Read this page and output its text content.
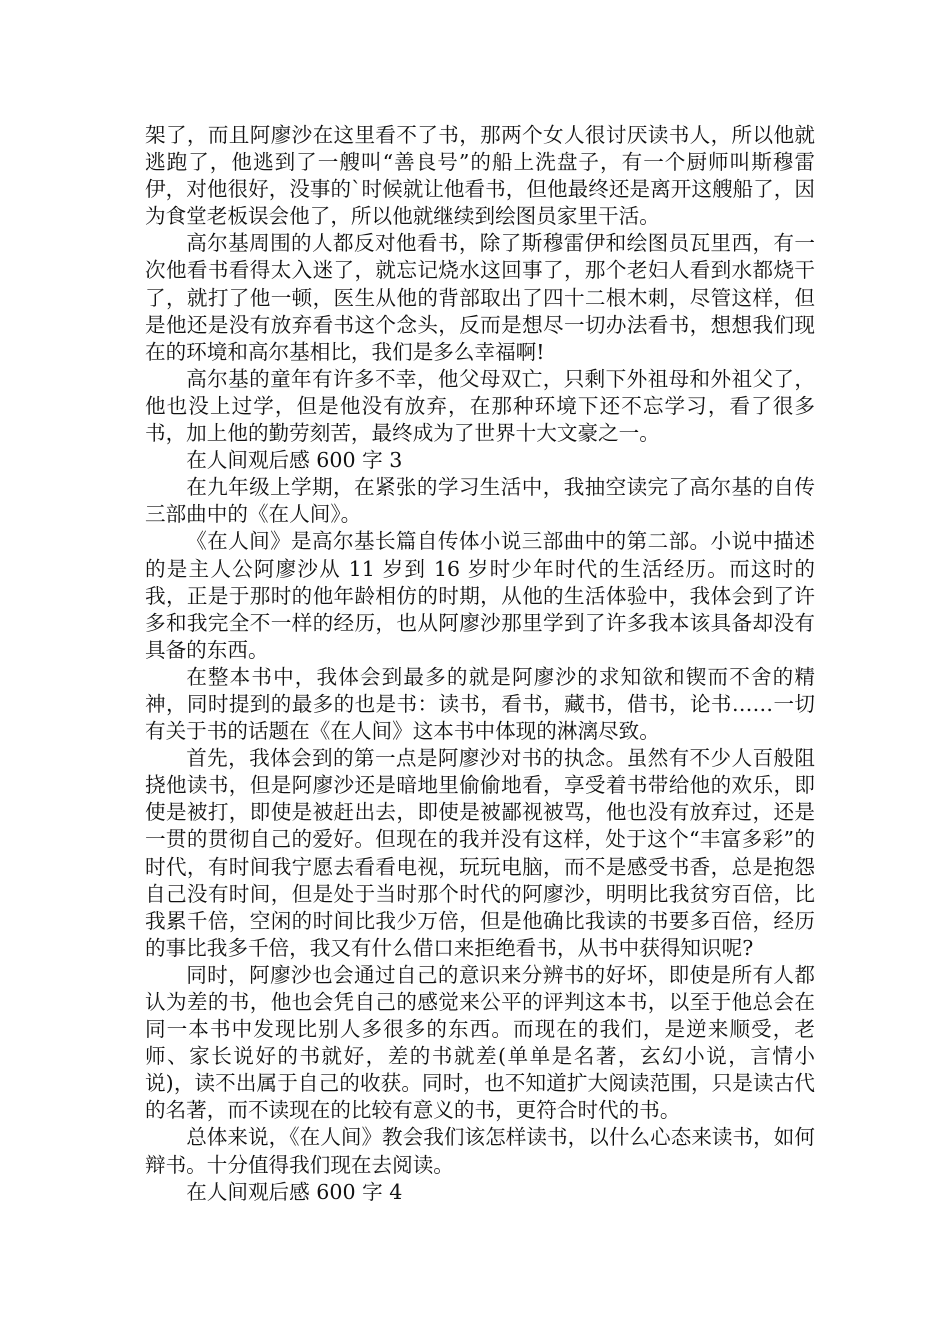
架了，而且阿廖沙在这里看不了书，那两个女人很讨厌读书人，所以他就逃跑了，他逃到了一艘叫“善良号”的船上洗盘子，有一个厨师叫斯穆雷伊，对他很好，没事的`时候就让他看书，但他最终还是离开这艘船了，因为食堂老板误会他了，所以他就继续到绘图员家里干活。

高尔基周围的人都反对他看书，除了斯穆雷伊和绘图员瓦里西，有一次他看书看得太入迷了，就忘记烧水这回事了，那个老妇人看到水都烧干了，就打了他一顿，医生从他的背部取出了四十二根木刺，尽管这样，但是他还是没有放弃看书这个念头，反而是想尽一切办法看书，想想我们现在的环境和高尔基相比，我们是多么幸福啊!

高尔基的童年有许多不幸，他父母双亡，只剩下外祖母和外祖父了，他也没上过学，但是他没有放弃，在那种环境下还不忘学习，看了很多书，加上他的勤劳刻苦，最终成为了世界十大文豪之一。

在人间观后感 600 字 3

在九年级上学期，在紧张的学习生活中，我抽空读完了高尔基的自传三部曲中的《在人间》。

《在人间》是高尔基长篇自传体小说三部曲中的第二部。小说中描述的是主人公阿廖沙从 11 岁到 16 岁时少年时代的生活经历。而这时的我，正是于那时的他年龄相仿的时期，从他的生活体验中，我体会到了许多和我完全不一样的经历，也从阿廖沙那里学到了许多我本该具备却没有具备的东西。

在整本书中，我体会到最多的就是阿廖沙的求知欲和锲而不舍的精神，同时提到的最多的也是书：读书，看书，藏书，借书，论书……一切有关于书的话题在《在人间》这本书中体现的淋漓尽致。

首先，我体会到的第一点是阿廖沙对书的执念。虽然有不少人百般阻挠他读书，但是阿廖沙还是暗地里偷偷地看，享受着书带给他的欢乐，即使是被打，即使是被赶出去，即使是被鄙视被骂，他也没有放弃过，还是一贯的贯彻自己的爱好。但现在的我并没有这样，处于这个“丰富多彩”的时代，有时间我宁愿去看看电视，玩玩电脑，而不是感受书香，总是抱怨自己没有时间，但是处于当时那个时代的阿廖沙，明明比我贫穷百倍，比我累千倍，空闲的时间比我少万倍，但是他确比我读的书要多百倍，经历的事比我多千倍，我又有什么借口来拒绝看书，从书中获得知识呢?

同时，阿廖沙也会通过自己的意识来分辨书的好坏，即使是所有人都认为差的书，他也会凭自己的感觉来公平的评判这本书，以至于他总会在同一本书中发现比别人多很多的东西。而现在的我们，是逆来顺受，老师、家长说好的书就好，差的书就差(单单是名著，玄幻小说，言情小说)，读不出属于自己的收获。同时，也不知道扩大阅读范围，只是读古代的名著，而不读现在的比较有意义的书，更符合时代的书。

总体来说，《在人间》教会我们该怎样读书，以什么心态来读书，如何辩书。十分值得我们现在去阅读。

在人间观后感 600 字 4
